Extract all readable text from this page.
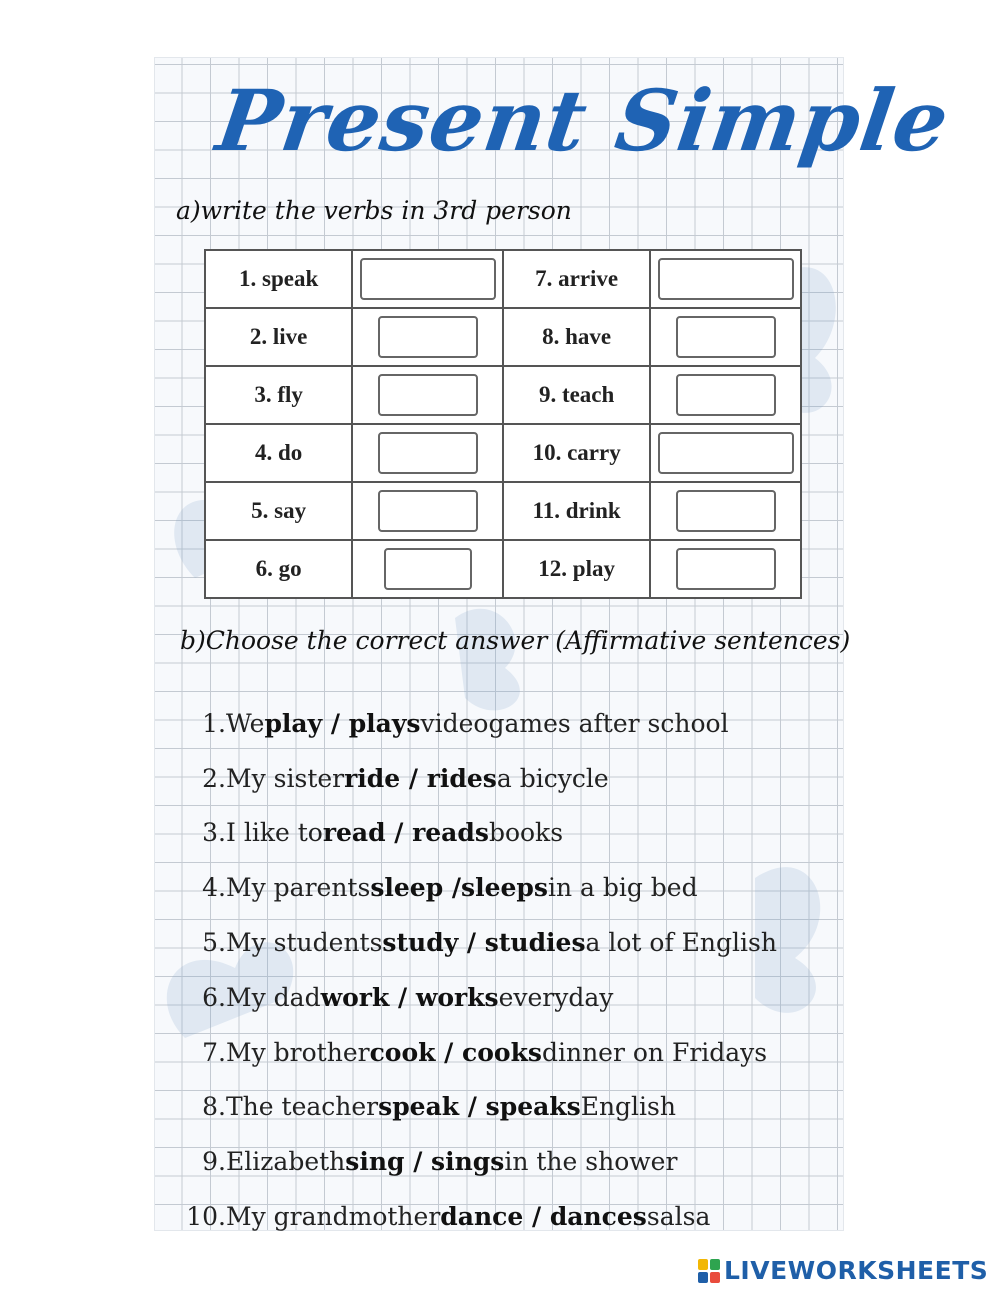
Present Simple
a)write the verbs in 3rd person
1. speak		7. arrive	
2. live		8. have	
3. fly		9. teach	
4. do		10. carry	
5. say		11. drink	
6. go		12. play	
b)Choose the correct answer (Affirmative sentences)
1. We play / plays videogames after school
2. My sister ride / rides a bicycle
3. I like to read / reads books
4. My parents sleep /sleeps in a big bed
5. My students study / studies a lot of English
6. My dad work / works everyday
7. My brother cook / cooks dinner on Fridays
8. The teacher speak / speaks English
9. Elizabeth sing / sings in the shower
10. My grandmother dance / dances salsa
LIVEWORKSHEETS
